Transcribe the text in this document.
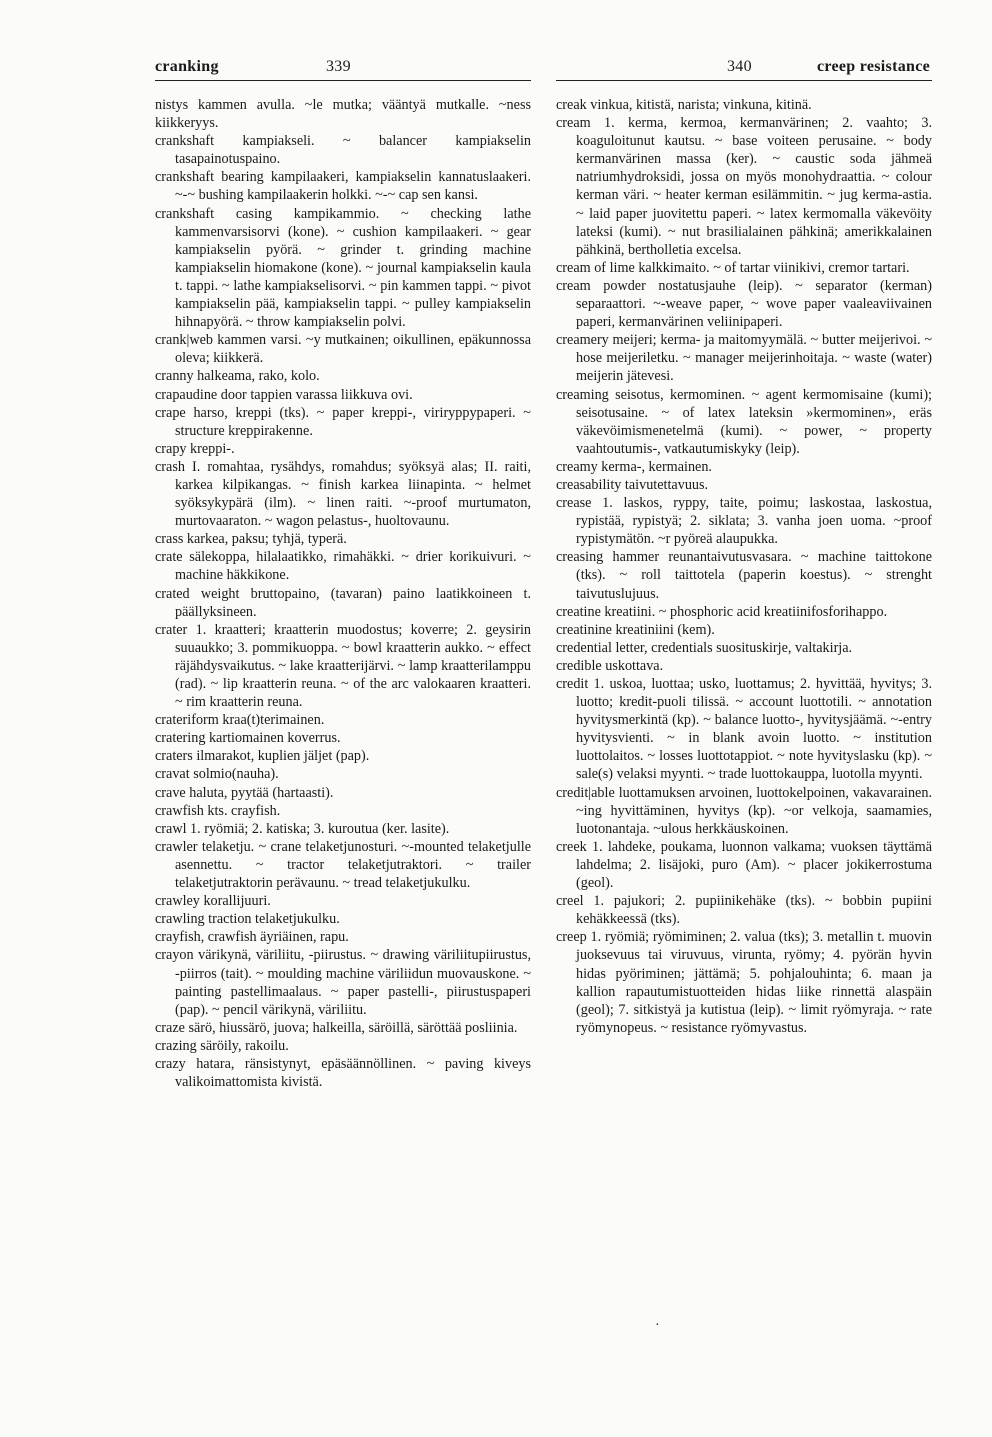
cranking	339	340	creep resistance

nistys kammen avulla. ~le mutka; vääntyä mutkalle. ~ness kiikkeryys.

crankshaft kampiakseli. ~ balancer kampiakselin tasapainotuspaino.

crankshaft bearing kampilaakeri, kampiakselin kannatuslaakeri. ~-~ bushing kampilaakerin holkki. ~-~ cap sen kansi.

crankshaft casing kampikammio. ~ checking lathe kammenvarsisorvi (kone). ~ cushion kampilaakeri. ~ gear kampiakselin pyörä. ~ grinder t. grinding machine kampiakselin hiomakone (kone). ~ journal kampiakselin kaula t. tappi. ~ lathe kampiakselisorvi. ~ pin kammen tappi. ~ pivot kampiakselin pää, kampiakselin tappi. ~ pulley kampiakselin hihnapyörä. ~ throw kampiakselin polvi.

crank|web kammen varsi. ~y mutkainen; oikullinen, epäkunnossa oleva; kiikkerä.

cranny halkeama, rako, kolo.

crapaudine door tappien varassa liikkuva ovi.

crape harso, kreppi (tks). ~ paper kreppi-, viriryppypaperi. ~ structure kreppirakenne.

crapy kreppi-.

crash I. romahtaa, rysähdys, romahdus; syöksyä alas; II. raiti, karkea kilpikangas. ~ finish karkea liinapinta. ~ helmet syöksykypärä (ilm). ~ linen raiti. ~-proof murtumaton, murtovaaraton. ~ wagon pelastus-, huoltovaunu.

crass karkea, paksu; tyhjä, typerä.

crate sälekoppa, hilalaatikko, rimahäkki. ~ drier korikuivuri. ~ machine häkkikone.

crated weight bruttopaino, (tavaran) paino laatikkoineen t. päällyksineen.

crater 1. kraatteri; kraatterin muodostus; koverre; 2. geysirin suuaukko; 3. pommikuoppa. ~ bowl kraatterin aukko. ~ effect räjähdysvaikutus. ~ lake kraatterijärvi. ~ lamp kraatterilamppu (rad). ~ lip kraatterin reuna. ~ of the arc valokaaren kraatteri. ~ rim kraatterin reuna.

crateriform kraa(t)terimainen.

cratering kartiomainen koverrus.

craters ilmarakot, kuplien jäljet (pap).

cravat solmio(nauha).

crave haluta, pyytää (hartaasti).

crawfish kts. crayfish.

crawl 1. ryömiä; 2. katiska; 3. kuroutua (ker. lasite).

crawler telaketju. ~ crane telaketjunosturi. ~-mounted telaketjulle asennettu. ~ tractor telaketjutraktori. ~ trailer telaketjutraktorin perävaunu. ~ tread telaketjukulku.

crawley korallijuuri.

crawling traction telaketjukulku.

crayfish, crawfish äyriäinen, rapu.

crayon värikynä, väriliitu, -piirustus. ~ drawing väriliitupiirustus, -piirros (tait). ~ moulding machine väriliidun muovauskone. ~ painting pastellimaalaus. ~ paper pastelli-, piirustuspaperi (pap). ~ pencil värikynä, väriliitu.

craze särö, hiussärö, juova; halkeilla, säröillä, säröttää posliinia.

crazing säröily, rakoilu.

crazy hatara, ränsistynyt, epäsäännöllinen. ~ paving kiveys valikoimattomista kivistä.

creak vinkua, kitistä, narista; vinkuna, kitinä.

cream 1. kerma, kermoa, kermanvärinen; 2. vaahto; 3. koaguloitunut kautsu. ~ base voiteen perusaine. ~ body kermanvärinen massa (ker). ~ caustic soda jähmeä natriumhydroksidi, jossa on myös monohydraattia. ~ colour kerman väri. ~ heater kerman esilämmitin. ~ jug kerma-astia. ~ laid paper juovitettu paperi. ~ latex kermomalla väkevöity lateksi (kumi). ~ nut brasilialainen pähkinä; amerikkalainen pähkinä, bertholletia excelsa.

cream of lime kalkkimaito. ~ of tartar viinikivi, cremor tartari.

cream powder nostatusjauhe (leip). ~ separator (kerman) separaattori. ~-weave paper, ~ wove paper vaaleaviivainen paperi, kermanvärinen veliinipaperi.

creamery meijeri; kerma- ja maitomyymälä. ~ butter meijerivoi. ~ hose meijeriletku. ~ manager meijerinhoitaja. ~ waste (water) meijerin jätevesi.

creaming seisotus, kermominen. ~ agent kermomisaine (kumi); seisotusaine. ~ of latex lateksin »kermominen», eräs väkevöimismenetelmä (kumi). ~ power, ~ property vaahtoutumis-, vatkautumiskyky (leip).

creamy kerma-, kermainen.

creasability taivutettavuus.

crease 1. laskos, ryppy, taite, poimu; laskostaa, laskostua, rypistää, rypistyä; 2. siklata; 3. vanha joen uoma. ~proof rypistymätön. ~r pyöreä alaupukka.

creasing hammer reunantaivutusvasara. ~ machine taittokone (tks). ~ roll taittotela (paperin koestus). ~ strenght taivutuslujuus.

creatine kreatiini. ~ phosphoric acid kreatiinifosforihappo.

creatinine kreatiniini (kem).

credential letter, credentials suosituskirje, valtakirja.

credible uskottava.

credit 1. uskoa, luottaa; usko, luottamus; 2. hyvittää, hyvitys; 3. luotto; kredit-puoli tilissä. ~ account luottotili. ~ annotation hyvitysmerkintä (kp). ~ balance luotto-, hyvitysjäämä. ~-entry hyvitysvienti. ~ in blank avoin luotto. ~ institution luottolaitos. ~ losses luottotappiot. ~ note hyvityslasku (kp). ~ sale(s) velaksi myynti. ~ trade luottokauppa, luotolla myynti.

credit|able luottamuksen arvoinen, luottokelpoinen, vakavarainen. ~ing hyvittäminen, hyvitys (kp). ~or velkoja, saamamies, luotonantaja. ~ulous herkkäuskoinen.

creek 1. lahdeke, poukama, luonnon valkama; vuoksen täyttämä lahdelma; 2. lisäjoki, puro (Am). ~ placer jokikerrostuma (geol).

creel 1. pajukori; 2. pupiinikehäke (tks). ~ bobbin pupiini kehäkkeessä (tks).

creep 1. ryömiä; ryömiminen; 2. valua (tks); 3. metallin t. muovin juoksevuus tai viruvuus, virunta, ryömy; 4. pyörän hyvin hidas pyöriminen; jättämä; 5. pohjalouhinta; 6. maan ja kallion rapautumistuotteiden hidas liike rinnettä alaspäin (geol); 7. sitkistyä ja kutistua (leip). ~ limit ryömyraja. ~ rate ryömynopeus. ~ resistance ryömyvastus.

·
